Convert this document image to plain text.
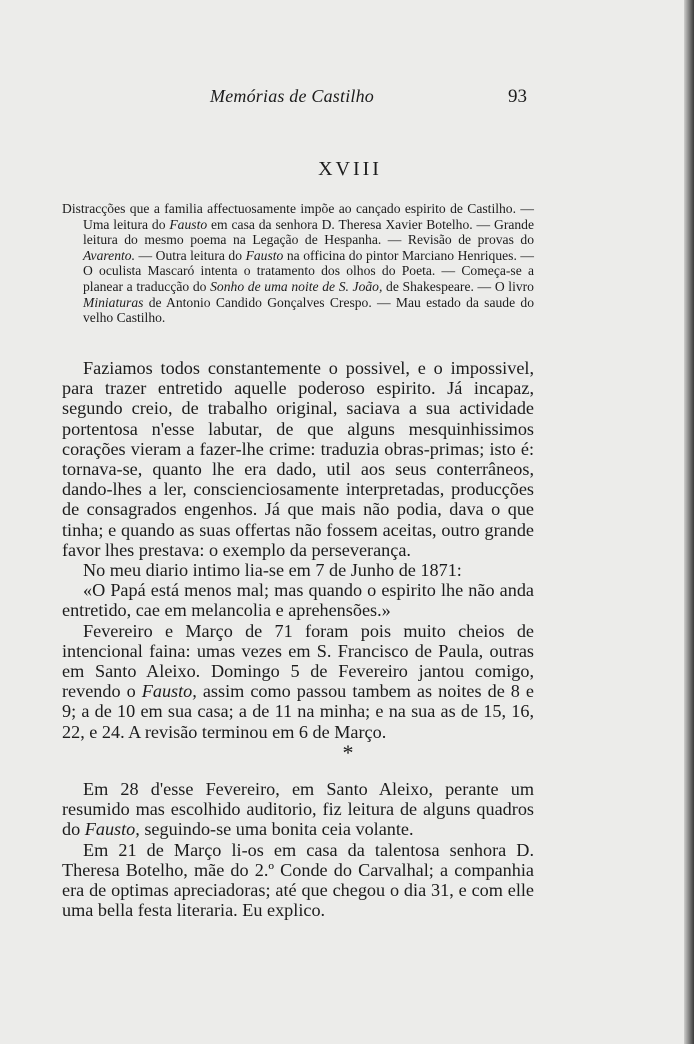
Memórias de Castilho	93
XVIII

Distracções que a familia affectuosamente impõe ao cançado espirito de Castilho. — Uma leitura do Fausto em casa da senhora D. Theresa Xavier Botelho. — Grande leitura do mesmo poema na Legação de Hespanha. — Revisão de provas do Avarento. — Outra leitura do Fausto na officina do pintor Marciano Henriques. — O oculista Mascaró intenta o tratamento dos olhos do Poeta. — Começa-se a planear a traducção do Sonho de uma noite de S. João, de Shakespeare. — O livro Miniaturas de Antonio Candido Gonçalves Crespo. — Mau estado da saude do velho Castilho.

Faziamos todos constantemente o possivel, e o impossivel, para trazer entretido aquelle poderoso espirito. Já incapaz, segundo creio, de trabalho original, saciava a sua actividade portentosa n'esse labutar, de que alguns mesquinhissimos corações vieram a fazer-lhe crime: traduzia obras-primas; isto é: tornava-se, quanto lhe era dado, util aos seus conterrâneos, dando-lhes a ler, conscienciosamente interpretadas, producções de consagrados engenhos. Já que mais não podia, dava o que tinha; e quando as suas offertas não fossem aceitas, outro grande favor lhes prestava: o exemplo da perseverança.

No meu diario intimo lia-se em 7 de Junho de 1871:

«O Papá está menos mal; mas quando o espirito lhe não anda entretido, cae em melancolia e aprehensões.»

Fevereiro e Março de 71 foram pois muito cheios de intencional faina: umas vezes em S. Francisco de Paula, outras em Santo Aleixo. Domingo 5 de Fevereiro jantou comigo, revendo o Fausto, assim como passou tambem as noites de 8 e 9; a de 10 em sua casa; a de 11 na minha; e na sua as de 15, 16, 22, e 24. A revisão terminou em 6 de Março.

*

Em 28 d'esse Fevereiro, em Santo Aleixo, perante um resumido mas escolhido auditorio, fiz leitura de alguns quadros do Fausto, seguindo-se uma bonita ceia volante.

Em 21 de Março li-os em casa da talentosa senhora D. Theresa Botelho, mãe do 2.º Conde do Carvalhal; a companhia era de optimas apreciadoras; até que chegou o dia 31, e com elle uma bella festa literaria. Eu explico.
